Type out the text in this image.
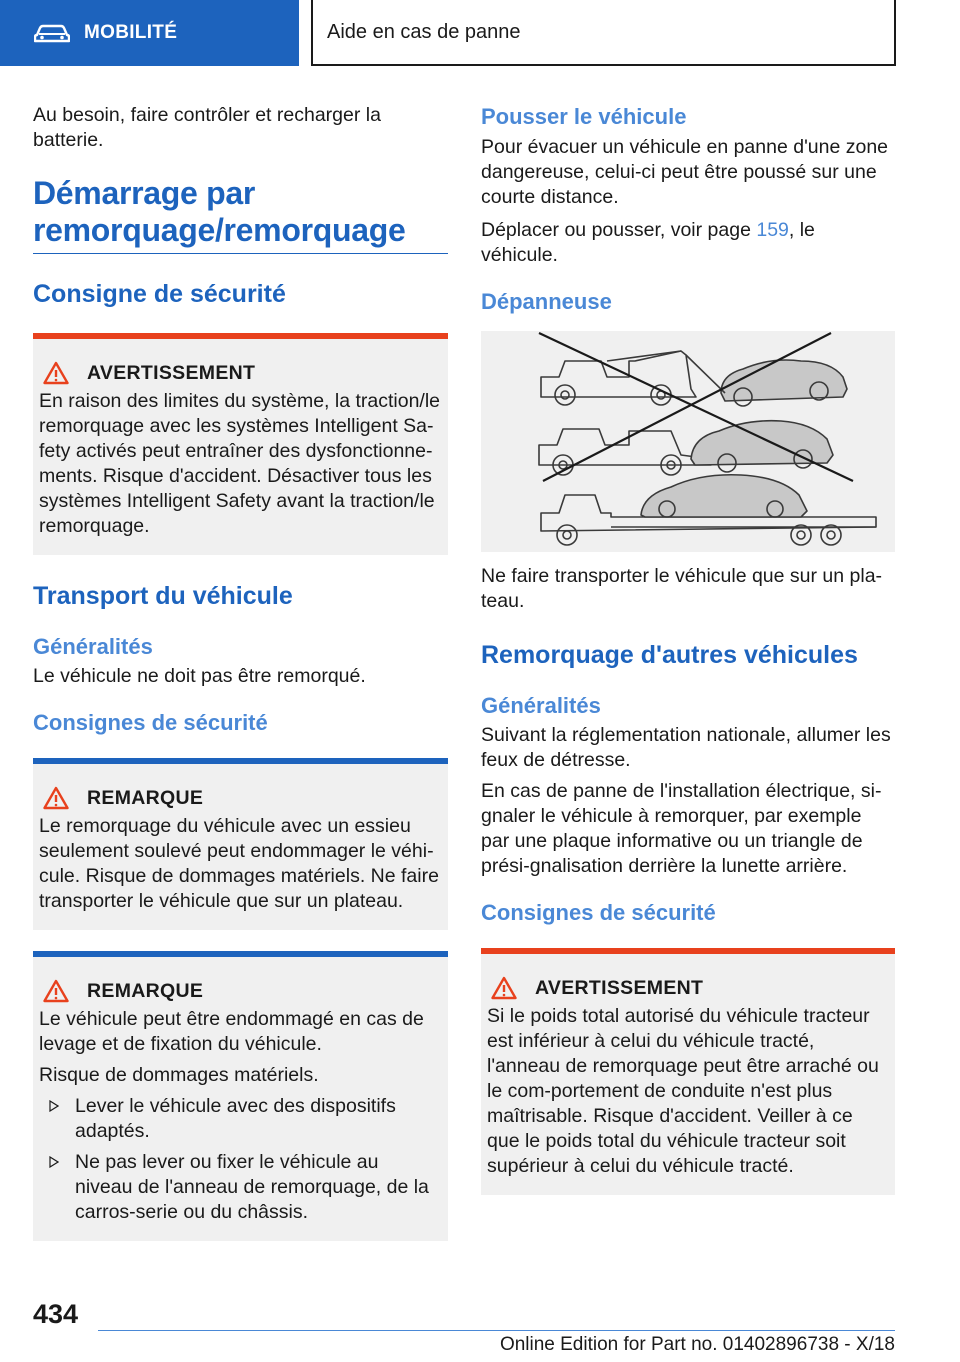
MOBILITÉ	Aide en cas de panne

Au besoin, faire contrôler et recharger la batterie.

Démarrage par remorquage/remorquage
Consigne de sécurité
AVERTISSEMENT

En raison des limites du système, la traction/le remorquage avec les systèmes Intelligent Sa-fety activés peut entraîner des dysfonctionne-ments. Risque d'accident. Désactiver tous les systèmes Intelligent Safety avant la traction/le remorquage.

Transport du véhicule
Généralités

Le véhicule ne doit pas être remorqué.

Consignes de sécurité
REMARQUE

Le remorquage du véhicule avec un essieu seulement soulevé peut endommager le véhi-cule. Risque de dommages matériels. Ne faire transporter le véhicule que sur un plateau.

REMARQUE

Le véhicule peut être endommagé en cas de levage et de fixation du véhicule.

Risque de dommages matériels.

Lever le véhicule avec des dispositifs adaptés.
Ne pas lever ou fixer le véhicule au niveau de l'anneau de remorquage, de la carros-serie ou du châssis.
Pousser le véhicule

Pour évacuer un véhicule en panne d'une zone dangereuse, celui-ci peut être poussé sur une courte distance.

Déplacer ou pousser, voir page 159, le véhicule.

Dépanneuse

Ne faire transporter le véhicule que sur un pla-teau.

Remorquage d'autres véhicules
Généralités

Suivant la réglementation nationale, allumer les feux de détresse.

En cas de panne de l'installation électrique, si-gnaler le véhicule à remorquer, par exemple par une plaque informative ou un triangle de prési-gnalisation derrière la lunette arrière.

Consignes de sécurité
AVERTISSEMENT

Si le poids total autorisé du véhicule tracteur est inférieur à celui du véhicule tracté, l'anneau de remorquage peut être arraché ou le com-portement de conduite n'est plus maîtrisable. Risque d'accident. Veiller à ce que le poids total du véhicule tracteur soit supérieur à celui du véhicule tracté.

434
Online Edition for Part no. 01402896738 - X/18
